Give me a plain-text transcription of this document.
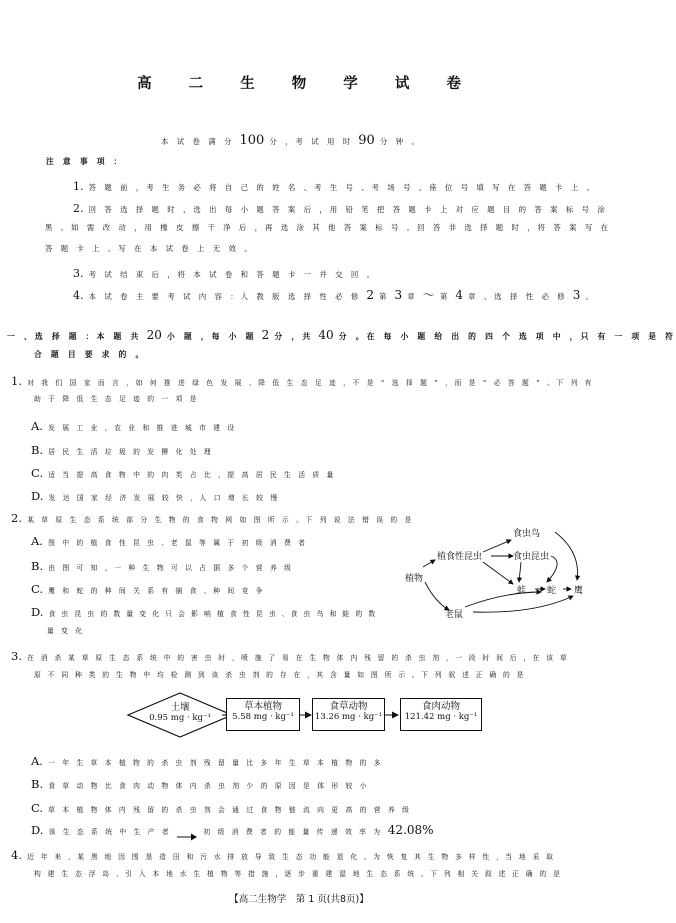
高 二 生 物 学 试 卷
本 试 卷 满 分 100 分 ，考 试 用 时 90 分 钟 。
注 意 事 项 ：
1. 答 题 前 ，考 生 务 必 将 自 己 的 姓 名 、考 生 号 、考 场 号 、座 位 号 填 写 在 答 题 卡 上 。
2. 回 答 选 择 题 时 ，选 出 每 小 题 答 案 后 ，用 铅 笔 把 答 题 卡 上 对 应 题 目 的 答 案 标 号 涂
黑 。如 需 改 动 ，用 橡 皮 擦 干 净 后 ，再 选 涂 其 他 答 案 标 号 。回 答 非 选 择 题 时 ，将 答 案 写 在
答 题 卡 上 。写 在 本 试 卷 上 无 效 。
3. 考 试 结 束 后 ，将 本 试 卷 和 答 题 卡 一 并 交 回 。
4. 本 试 卷 主 要 考 试 内 容 ：人 教 版 选 择 性 必 修 2 第 3 章 ～ 第 4 章 、选 择 性 必 修 3 。
一 、选 择 题 ：本 题 共 20 小 题 ，每 小 题 2 分 ，共 40 分 。在 每 小 题 给 出 的 四 个 选 项 中 ，只 有 一 项 是 符
合 题 目 要 求 的 。
1. 对 我 们 国 家 而 言 ，如 何 推 进 绿 色 发 展 、降 低 生 态 足 迹 ，不 是 “ 选 择 题 ” ，而 是 “ 必 答 题 ” 。下 列 有
助 于 降 低 生 态 足 迹 的 一 项 是
A. 发 展 工 业 ，农 业 和 推 进 城 市 建 设
B. 居 民 生 活 垃 圾 的 发 酵 化 处 理
C. 适 当 提 高 食 物 中 的 肉 类 占 比 ，提 高 居 民 生 活 质 量
D. 发 达 国 家 经 济 发 展 较 快 ，人 口 增 长 较 慢
2. 某 草 原 生 态 系 统 部 分 生 物 的 食 物 网 如 图 所 示 。下 列 说 法 错 误 的 是
A. 图 中 的 植 食 性 昆 虫 、老 鼠 等 属 于 初 级 消 费 者
B. 由 图 可 知 ，一 种 生 物 可 以 占 据 多 个 营 养 级
C. 鹰 和 蛇 的 种 间 关 系 有 捕 食 、种 间 竞 争
D. 食 虫 昆 虫 的 数 量 变 化 只 会 影 响 植 食 性 昆 虫 、食 虫 鸟 和 蛙 的 数
量 变 化
植物
植食性昆虫
食虫鸟
食虫昆虫
蛙 蛇 鹰
老鼠
3. 在 消 杀 某 草 原 生 态 系 统 中 的 害 虫 时 ，喷 施 了 易 在 生 物 体 内 残 留 的 杀 虫 剂 ，一 段 时 间 后 ，在 该 草
原 不 同 种 类 的 生 物 中 均 检 测 到 该 杀 虫 剂 的 存 在 ，其 含 量 如 图 所 示 。下 列 叙 述 正 确 的 是
土壤
0.95 mg · kg⁻¹
草本植物
5.58 mg · kg⁻¹
食草动物
13.26 mg · kg⁻¹
食肉动物
121.42 mg · kg⁻¹
A. 一 年 生 草 本 植 物 的 杀 虫 剂 残 留 量 比 多 年 生 草 本 植 物 的 多
B. 食 草 动 物 比 食 肉 动 物 体 内 杀 虫 剂 少 的 原 因 是 体 形 较 小
C. 草 本 植 物 体 内 残 留 的 杀 虫 剂 会 通 过 食 物 链 流 向 更 高 的 营 养 级
D. 该 生 态 系 统 中 生 产 者	初 级 消 费 者 的 能 量 传 递 效 率 为 42.08%
4. 近 年 来 ，某 黑 地 因 围 垦 造 田 和 污 水 排 放 导 致 生 态 功 能 退 化 。为 恢 复 其 生 物 多 样 性 ，当 地 采 取
构 建 生 态 浮 岛 、引 入 本 地 水 生 植 物 等 措 施 ，逐 步 重 建 湿 地 生 态 系 统 。下 列 相 关 叙 述 正 确 的 是
【高二生物学　第 1 页(共8页)】
